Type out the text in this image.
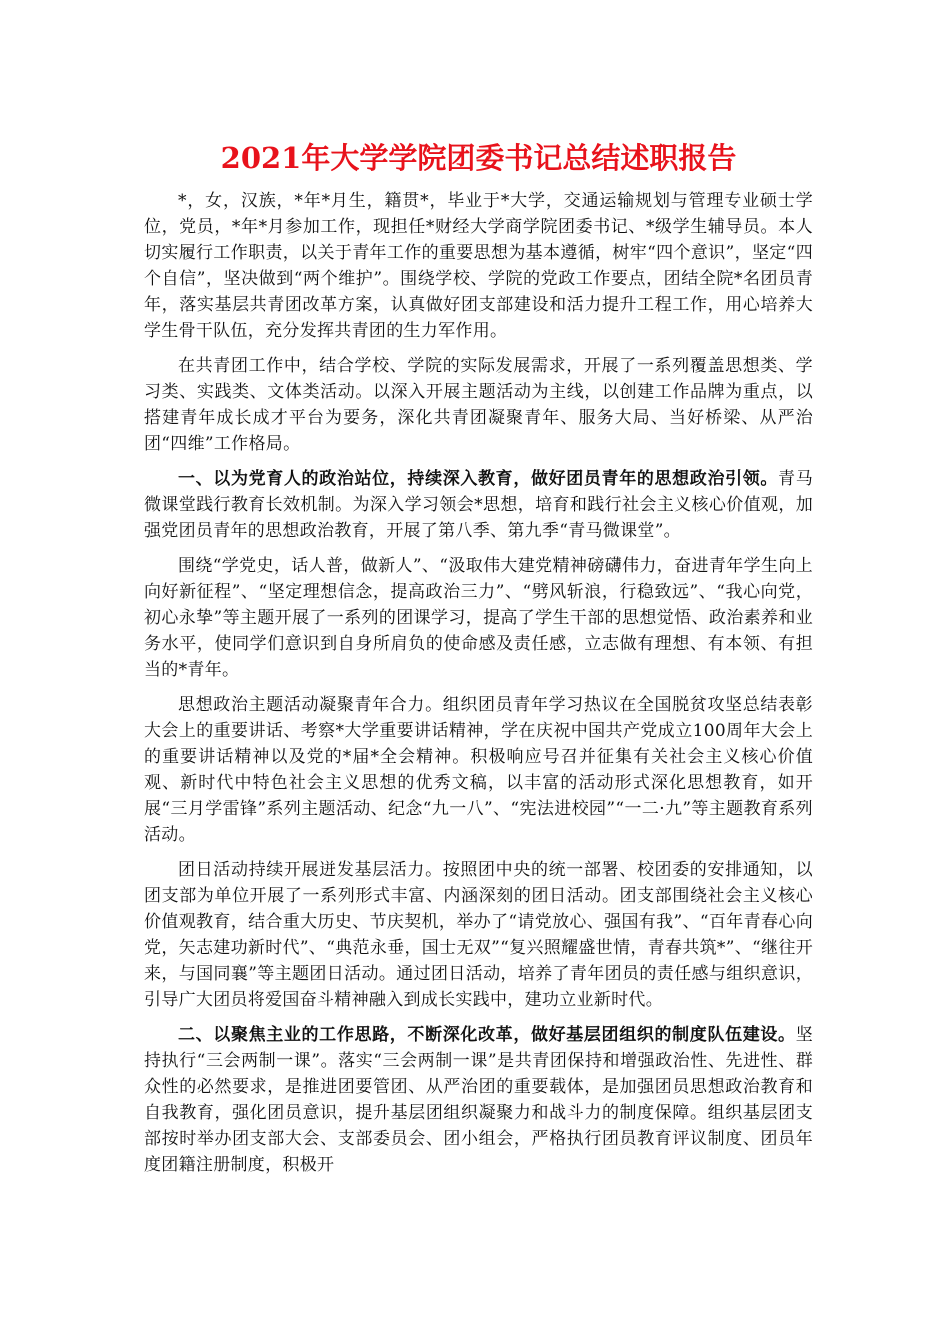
2021年大学学院团委书记总结述职报告

*，女，汉族，*年*月生，籍贯*，毕业于*大学，交通运输规划与管理专业硕士学位，党员，*年*月参加工作，现担任*财经大学商学院团委书记、*级学生辅导员。本人切实履行工作职责，以关于青年工作的重要思想为基本遵循，树牢“四个意识”，坚定“四个自信”，坚决做到“两个维护”。围绕学校、学院的党政工作要点，团结全院*名团员青年，落实基层共青团改革方案，认真做好团支部建设和活力提升工程工作，用心培养大学生骨干队伍，充分发挥共青团的生力军作用。

在共青团工作中，结合学校、学院的实际发展需求，开展了一系列覆盖思想类、学习类、实践类、文体类活动。以深入开展主题活动为主线，以创建工作品牌为重点，以搭建青年成长成才平台为要务，深化共青团凝聚青年、服务大局、当好桥梁、从严治团“四维”工作格局。

一、以为党育人的政治站位，持续深入教育，做好团员青年的思想政治引领。青马微课堂践行教育长效机制。为深入学习领会*思想，培育和践行社会主义核心价值观，加强党团员青年的思想政治教育，开展了第八季、第九季“青马微课堂”。

围绕“学党史，话人普，做新人”、“汲取伟大建党精神磅礴伟力，奋进青年学生向上向好新征程”、“坚定理想信念，提高政治三力”、“劈风斩浪，行稳致远”、“我心向党，初心永挚”等主题开展了一系列的团课学习，提高了学生干部的思想觉悟、政治素养和业务水平，使同学们意识到自身所肩负的使命感及责任感，立志做有理想、有本领、有担当的*青年。

思想政治主题活动凝聚青年合力。组织团员青年学习热议在全国脱贫攻坚总结表彰大会上的重要讲话、考察*大学重要讲话精神，学在庆祝中国共产党成立100周年大会上的重要讲话精神以及党的*届*全会精神。积极响应号召并征集有关社会主义核心价值观、新时代中特色社会主义思想的优秀文稿，以丰富的活动形式深化思想教育，如开展“三月学雷锋”系列主题活动、纪念“九一八”、“宪法进校园”“一二·九”等主题教育系列活动。

团日活动持续开展迸发基层活力。按照团中央的统一部署、校团委的安排通知，以团支部为单位开展了一系列形式丰富、内涵深刻的团日活动。团支部围绕社会主义核心价值观教育，结合重大历史、节庆契机，举办了“请党放心、强国有我”、“百年青春心向党，矢志建功新时代”、“典范永垂，国士无双”“复兴照耀盛世情，青春共筑*”、“继往开来，与国同襄”等主题团日活动。通过团日活动，培养了青年团员的责任感与组织意识，引导广大团员将爱国奋斗精神融入到成长实践中，建功立业新时代。

二、以聚焦主业的工作思路，不断深化改革，做好基层团组织的制度队伍建设。坚持执行“三会两制一课”。落实“三会两制一课”是共青团保持和增强政治性、先进性、群众性的必然要求，是推进团要管团、从严治团的重要载体，是加强团员思想政治教育和自我教育，强化团员意识，提升基层团组织凝聚力和战斗力的制度保障。组织基层团支部按时举办团支部大会、支部委员会、团小组会，严格执行团员教育评议制度、团员年度团籍注册制度，积极开
